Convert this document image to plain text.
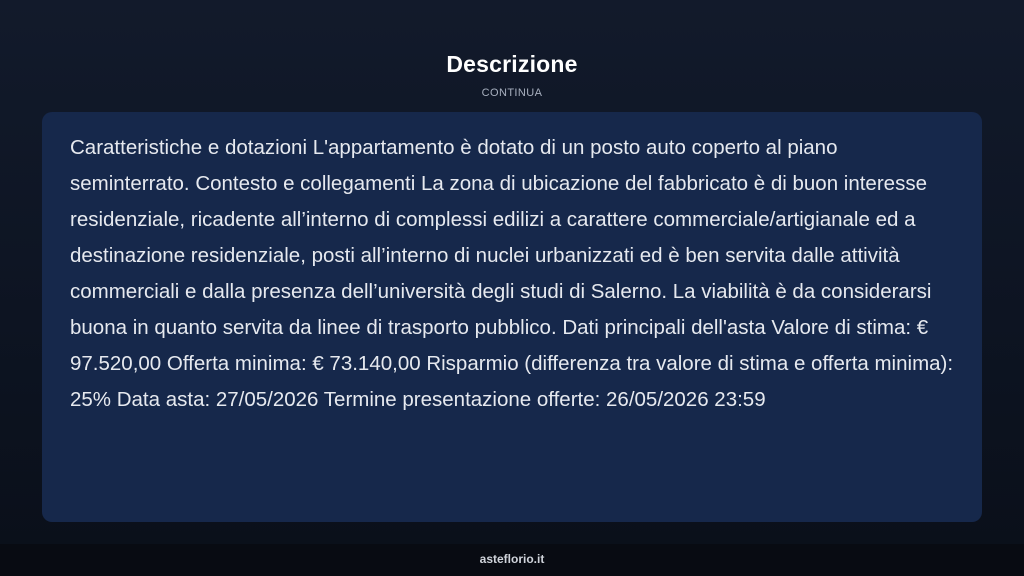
Descrizione
CONTINUA

Caratteristiche e dotazioni L'appartamento è dotato di un posto auto coperto al piano seminterrato. Contesto e collegamenti La zona di ubicazione del fabbricato è di buon interesse residenziale, ricadente all’interno di complessi edilizi a carattere commerciale/artigianale ed a destinazione residenziale, posti all’interno di nuclei urbanizzati ed è ben servita dalle attività commerciali e dalla presenza dell’università degli studi di Salerno. La viabilità è da considerarsi buona in quanto servita da linee di trasporto pubblico. Dati principali dell'asta Valore di stima: € 97.520,00 Offerta minima: € 73.140,00 Risparmio (differenza tra valore di stima e offerta minima): 25% Data asta: 27/05/2026 Termine presentazione offerte: 26/05/2026 23:59

asteflorio.it
